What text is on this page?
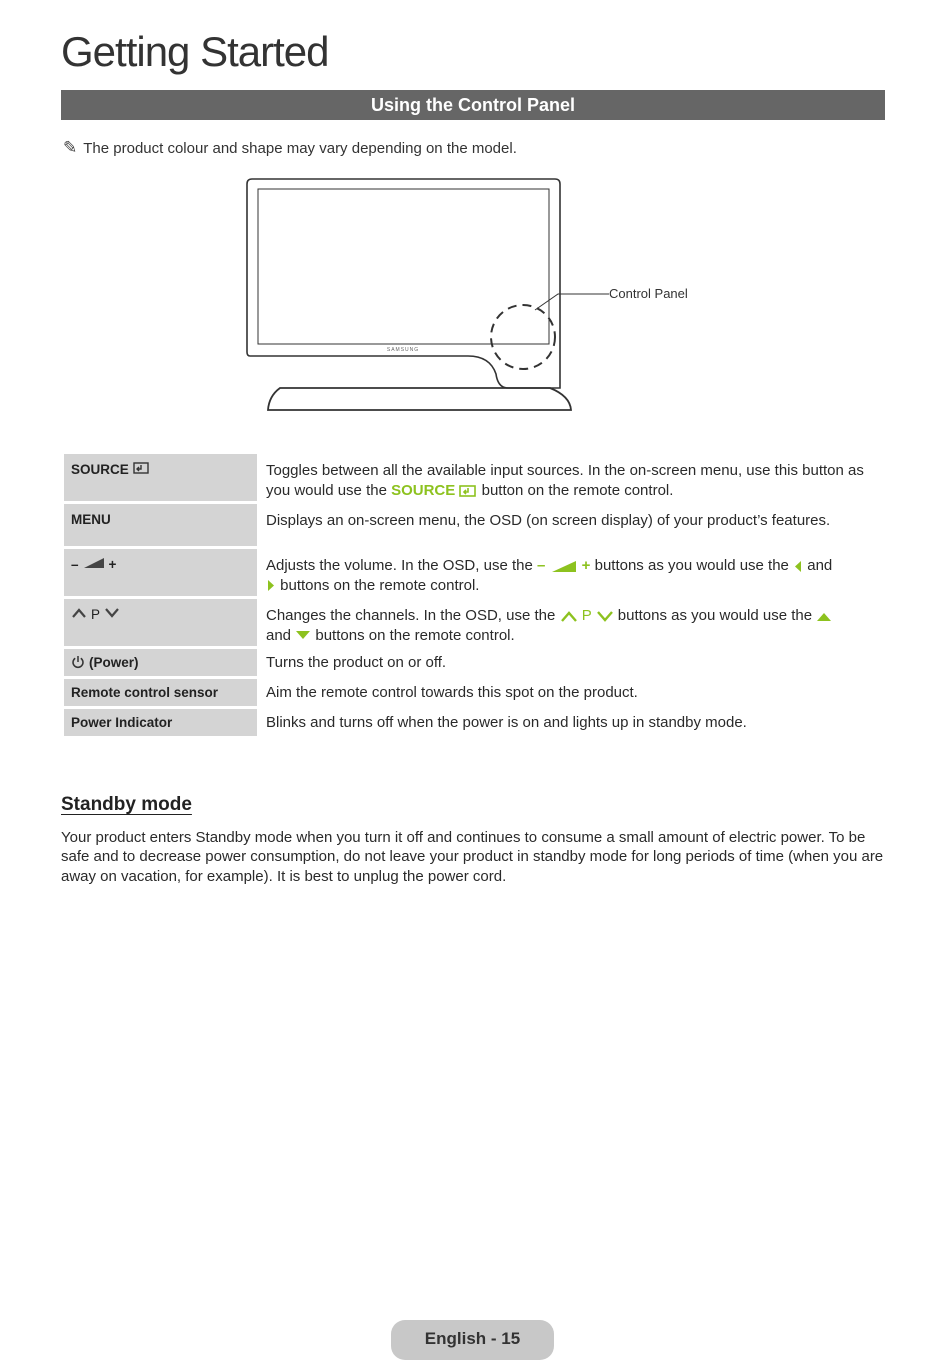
Getting Started
Using the Control Panel
✎ The product colour and shape may vary depending on the model.
SAMSUNG
Control Panel
SOURCE	Toggles between all the available input sources. In the on-screen menu, use this button as you would use the SOURCE  button on the remote control.
MENU	Displays an on-screen menu, the OSD (on screen display) of your product’s features.
– +	Adjusts the volume. In the OSD, use the – + buttons as you would use the  and
buttons on the remote control.
P	Changes the channels. In the OSD, use the  P  buttons as you would use the
and  buttons on the remote control.
(Power)	Turns the product on or off.
Remote control sensor	Aim the remote control towards this spot on the product.
Power Indicator	Blinks and turns off when the power is on and lights up in standby mode.
Standby mode
Your product enters Standby mode when you turn it off and continues to consume a small amount of electric power. To be safe and to decrease power consumption, do not leave your product in standby mode for long periods of time (when you are away on vacation, for example). It is best to unplug the power cord.
English - 15
